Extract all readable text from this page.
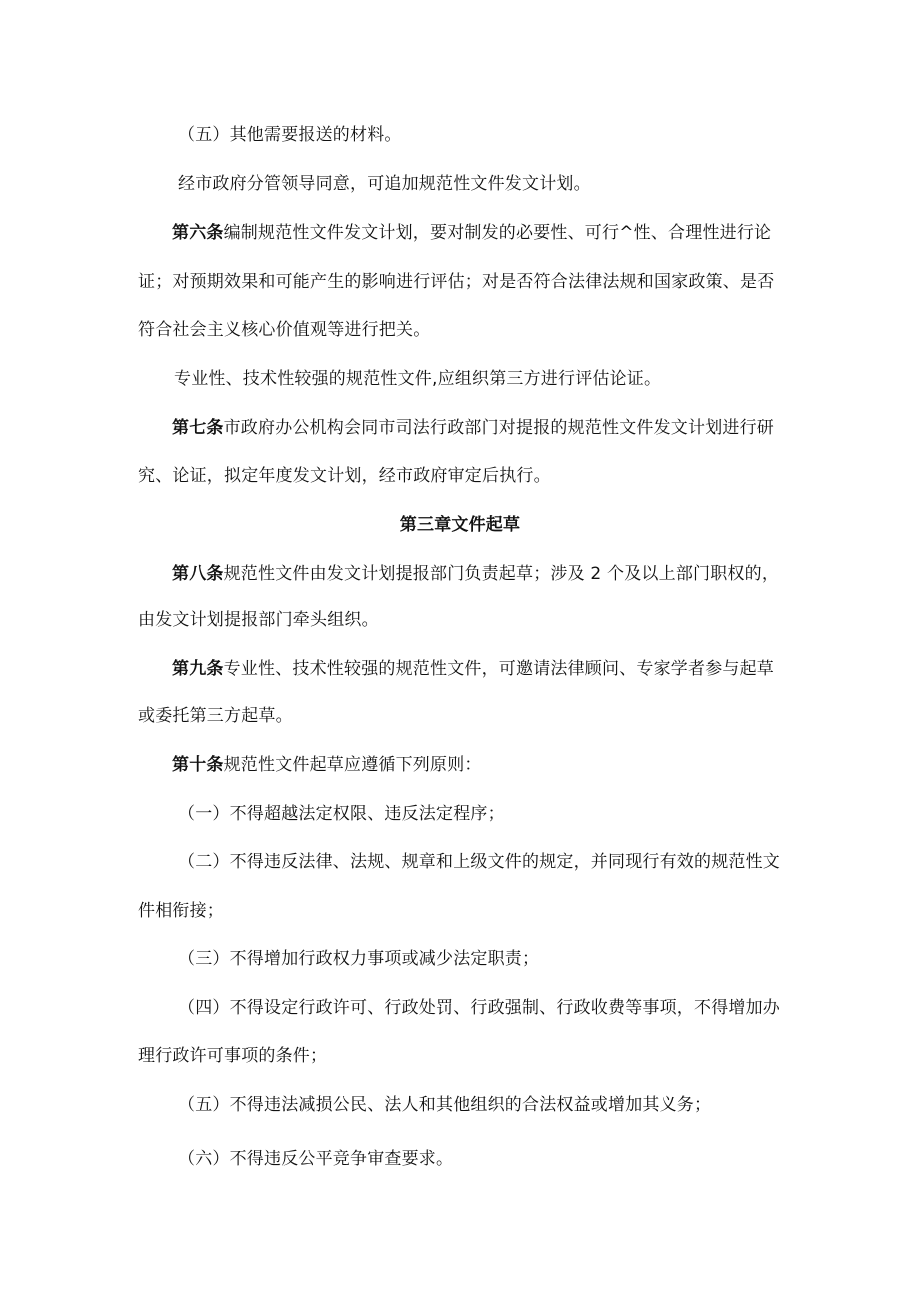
（五）其他需要报送的材料。
经市政府分管领导同意，可追加规范性文件发文计划。
第六条编制规范性文件发文计划，要对制发的必要性、可行^性、合理性进行论
证；对预期效果和可能产生的影响进行评估；对是否符合法律法规和国家政策、是否
符合社会主义核心价值观等进行把关。
专业性、技术性较强的规范性文件,应组织第三方进行评估论证。
第七条市政府办公机构会同市司法行政部门对提报的规范性文件发文计划进行研
究、论证，拟定年度发文计划，经市政府审定后执行。
第三章文件起草
第八条规范性文件由发文计划提报部门负责起草；涉及 2 个及以上部门职权的，
由发文计划提报部门牵头组织。
第九条专业性、技术性较强的规范性文件，可邀请法律顾问、专家学者参与起草
或委托第三方起草。
第十条规范性文件起草应遵循下列原则：
（一）不得超越法定权限、违反法定程序；
（二）不得违反法律、法规、规章和上级文件的规定，并同现行有效的规范性文
件相衔接；
（三）不得增加行政权力事项或减少法定职责；
（四）不得设定行政许可、行政处罚、行政强制、行政收费等事项，不得增加办
理行政许可事项的条件；
（五）不得违法减损公民、法人和其他组织的合法权益或增加其义务；
（六）不得违反公平竞争审查要求。
